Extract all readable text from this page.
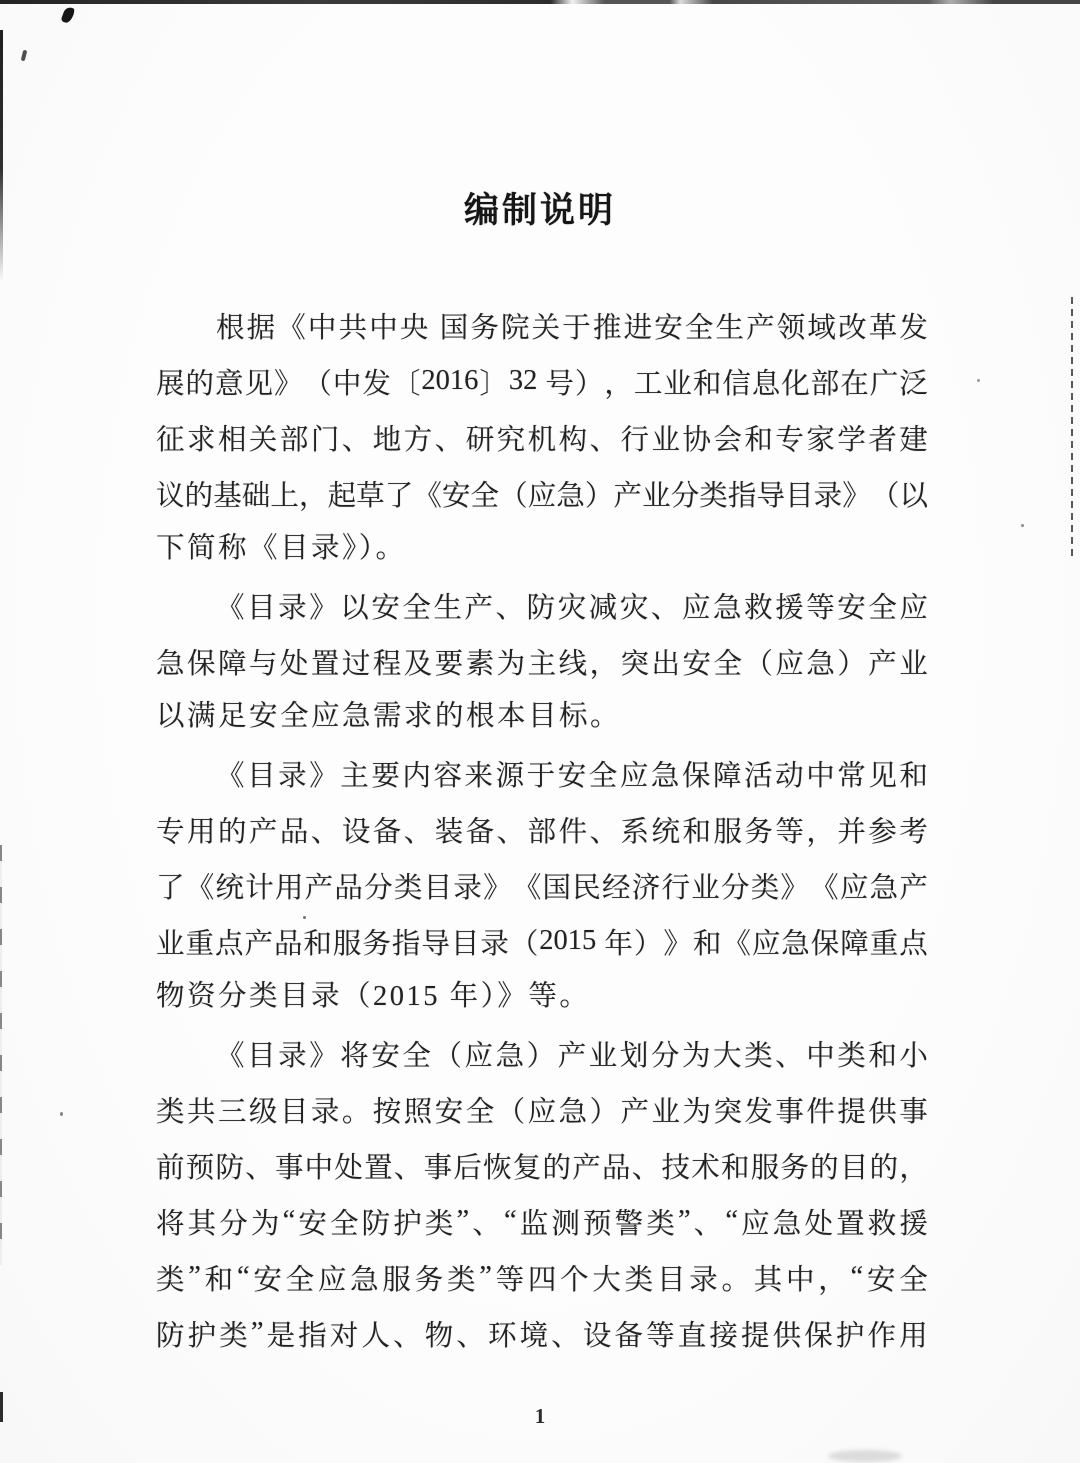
编制说明
根 据 《 中 共 中 央
国 务 院 关 于 推 进 安 全 生 产 领 域 改 革 发
展 的 意 见 》 （ 中 发 〔 2016 〕 32 号 ） ， 工 业 和 信 息 化 部 在 广 泛
征 求 相 关 部 门 、 地 方 、 研 究 机 构 、 行 业 协 会 和 专 家 学 者 建
议 的 基 础 上 ， 起 草 了 《 安 全 （ 应 急 ） 产 业 分 类 指 导 目 录 》 （ 以
下简称《目录》）。
《 目 录 》 以 安 全 生 产 、 防 灾 减 灾 、 应 急 救 援 等 安 全 应
急 保 障 与 处 置 过 程 及 要 素 为 主 线 ， 突 出 安 全 （ 应 急 ） 产 业
以满足安全应急需求的根本目标。
《 目 录 》 主 要 内 容 来 源 于 安 全 应 急 保 障 活 动 中 常 见 和
专 用 的 产 品 、 设 备 、 装 备 、 部 件 、 系 统 和 服 务 等 ， 并 参 考
了 《 统 计 用 产 品 分 类 目 录 》 《 国 民 经 济 行 业 分 类 》 《 应 急 产
业 重 点 产 品 和 服 务 指 导 目 录 （ 2015 年 ） 》 和 《 应 急 保 障 重 点
物资分类目录（2015 年）》等。
《 目 录 》 将 安 全 （ 应 急 ） 产 业 划 分 为 大 类 、 中 类 和 小
类 共 三 级 目 录 。 按 照 安 全 （ 应 急 ） 产 业 为 突 发 事 件 提 供 事
前 预 防 、 事 中 处 置 、 事 后 恢 复 的 产 品 、 技 术 和 服 务 的 目 的 ，
将 其 分 为 “ 安 全 防 护 类 ” 、 “ 监 测 预 警 类 ” 、 “ 应 急 处 置 救 援
类 ” 和 “ 安 全 应 急 服 务 类 ” 等 四 个 大 类 目 录 。 其 中 ， “ 安 全
防 护 类 ” 是 指 对 人 、 物 、 环 境 、 设 备 等 直 接 提 供 保 护 作 用
1
